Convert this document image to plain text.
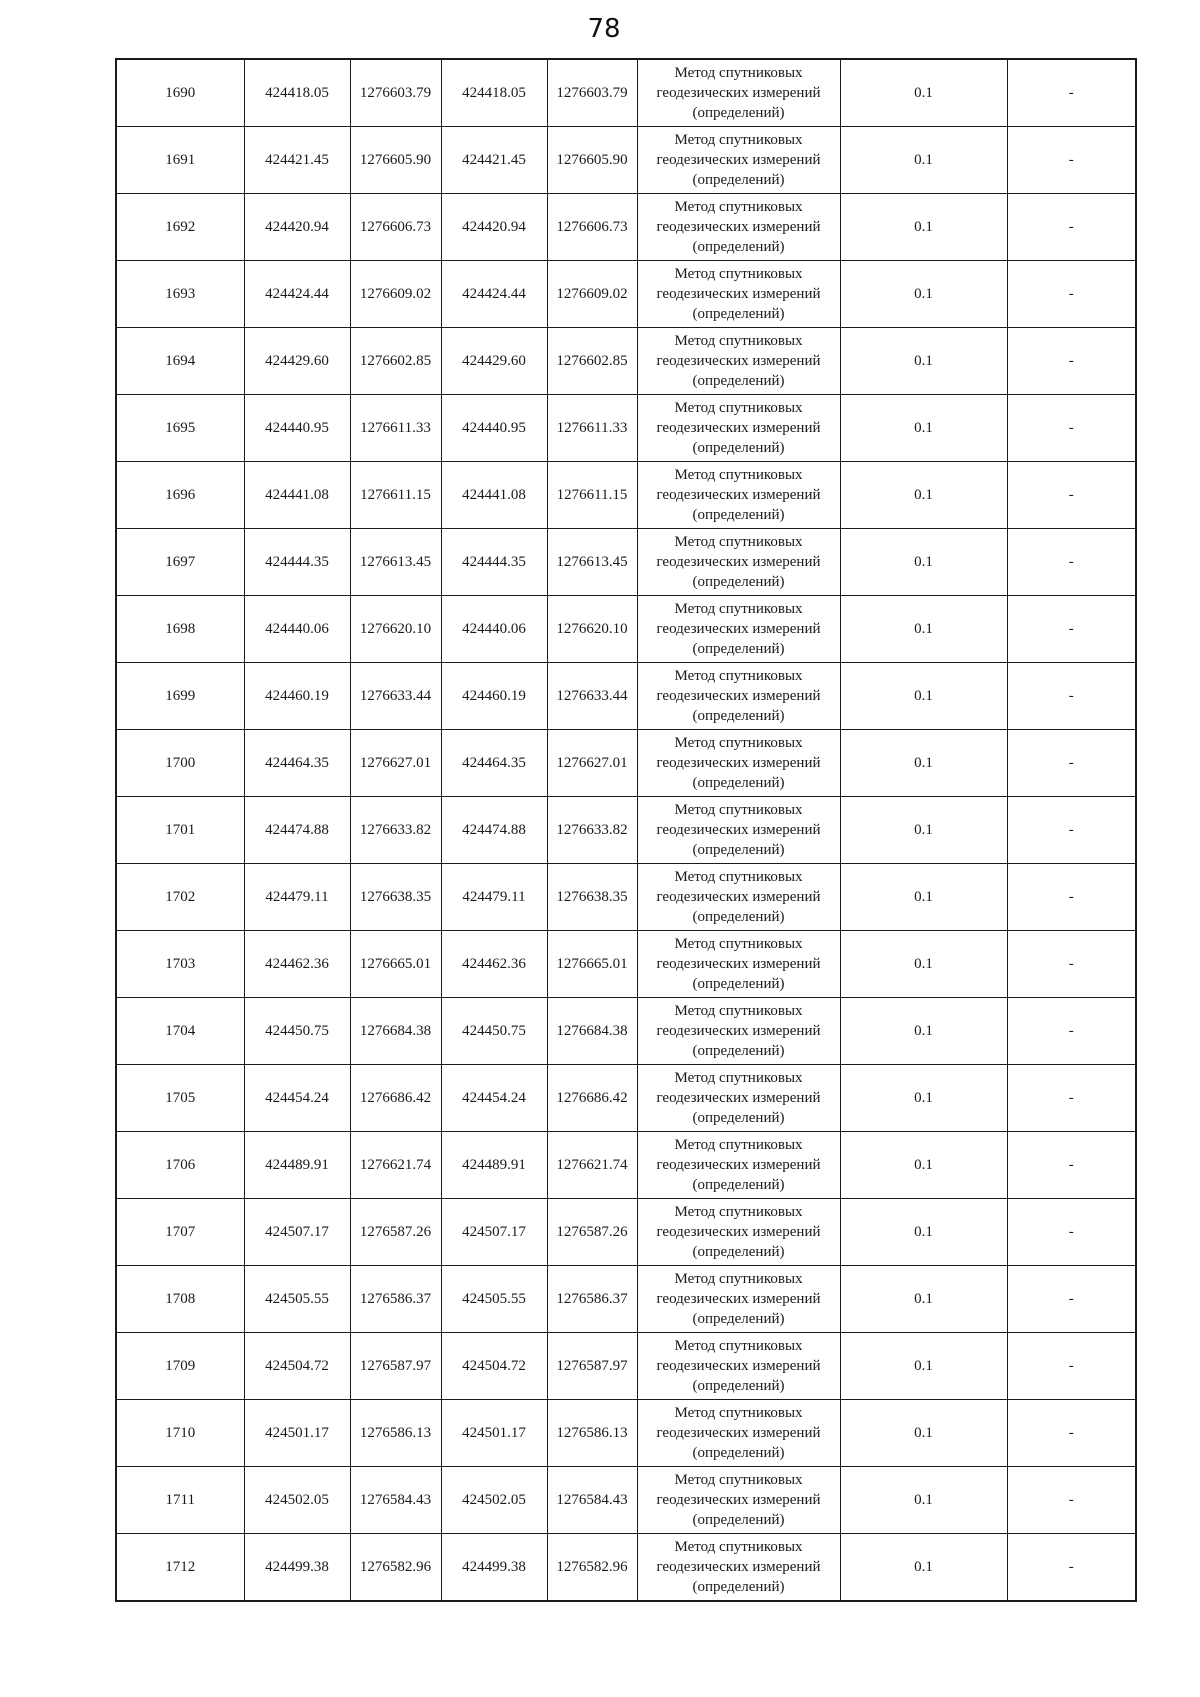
78
1690	424418.05	1276603.79	424418.05	1276603.79	Метод спутниковых
геодезических измерений
(определений)	0.1	-
1691	424421.45	1276605.90	424421.45	1276605.90	Метод спутниковых
геодезических измерений
(определений)	0.1	-
1692	424420.94	1276606.73	424420.94	1276606.73	Метод спутниковых
геодезических измерений
(определений)	0.1	-
1693	424424.44	1276609.02	424424.44	1276609.02	Метод спутниковых
геодезических измерений
(определений)	0.1	-
1694	424429.60	1276602.85	424429.60	1276602.85	Метод спутниковых
геодезических измерений
(определений)	0.1	-
1695	424440.95	1276611.33	424440.95	1276611.33	Метод спутниковых
геодезических измерений
(определений)	0.1	-
1696	424441.08	1276611.15	424441.08	1276611.15	Метод спутниковых
геодезических измерений
(определений)	0.1	-
1697	424444.35	1276613.45	424444.35	1276613.45	Метод спутниковых
геодезических измерений
(определений)	0.1	-
1698	424440.06	1276620.10	424440.06	1276620.10	Метод спутниковых
геодезических измерений
(определений)	0.1	-
1699	424460.19	1276633.44	424460.19	1276633.44	Метод спутниковых
геодезических измерений
(определений)	0.1	-
1700	424464.35	1276627.01	424464.35	1276627.01	Метод спутниковых
геодезических измерений
(определений)	0.1	-
1701	424474.88	1276633.82	424474.88	1276633.82	Метод спутниковых
геодезических измерений
(определений)	0.1	-
1702	424479.11	1276638.35	424479.11	1276638.35	Метод спутниковых
геодезических измерений
(определений)	0.1	-
1703	424462.36	1276665.01	424462.36	1276665.01	Метод спутниковых
геодезических измерений
(определений)	0.1	-
1704	424450.75	1276684.38	424450.75	1276684.38	Метод спутниковых
геодезических измерений
(определений)	0.1	-
1705	424454.24	1276686.42	424454.24	1276686.42	Метод спутниковых
геодезических измерений
(определений)	0.1	-
1706	424489.91	1276621.74	424489.91	1276621.74	Метод спутниковых
геодезических измерений
(определений)	0.1	-
1707	424507.17	1276587.26	424507.17	1276587.26	Метод спутниковых
геодезических измерений
(определений)	0.1	-
1708	424505.55	1276586.37	424505.55	1276586.37	Метод спутниковых
геодезических измерений
(определений)	0.1	-
1709	424504.72	1276587.97	424504.72	1276587.97	Метод спутниковых
геодезических измерений
(определений)	0.1	-
1710	424501.17	1276586.13	424501.17	1276586.13	Метод спутниковых
геодезических измерений
(определений)	0.1	-
1711	424502.05	1276584.43	424502.05	1276584.43	Метод спутниковых
геодезических измерений
(определений)	0.1	-
1712	424499.38	1276582.96	424499.38	1276582.96	Метод спутниковых
геодезических измерений
(определений)	0.1	-
